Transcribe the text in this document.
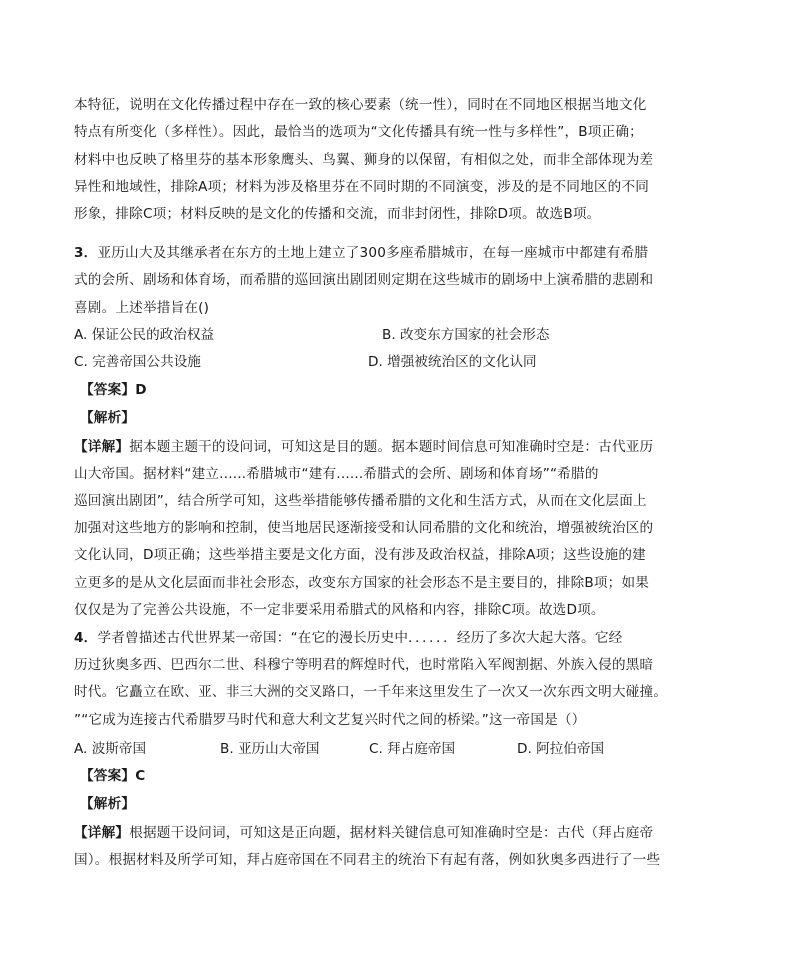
本特征，说明在文化传播过程中存在一致的核心要素（统一性），同时在不同地区根据当地文化
特点有所变化（多样性）。因此，最恰当的选项为“文化传播具有统一性与多样性”，B项正确；
材料中也反映了格里芬的基本形象鹰头、鸟翼、狮身的以保留，有相似之处，而非全部体现为差
异性和地域性，排除A项；材料为涉及格里芬在不同时期的不同演变，涉及的是不同地区的不同
形象，排除C项；材料反映的是文化的传播和交流，而非封闭性，排除D项。故选B项。
3．亚历山大及其继承者在东方的土地上建立了300多座希腊城市，在每一座城市中都建有希腊
式的会所、剧场和体育场，而希腊的巡回演出剧团则定期在这些城市的剧场中上演希腊的悲剧和
喜剧。上述举措旨在()
A. 保证公民的政治权益	B. 改变东方国家的社会形态
C. 完善帝国公共设施	D. 增强被统治区的文化认同
【答案】D
【解析】
【详解】据本题主题干的设问词，可知这是目的题。据本题时间信息可知准确时空是：古代亚历
山大帝国。据材料“建立......希腊城市“建有......希腊式的会所、剧场和体育场”“希腊的
巡回演出剧团”，结合所学可知，这些举措能够传播希腊的文化和生活方式，从而在文化层面上
加强对这些地方的影响和控制，使当地居民逐渐接受和认同希腊的文化和统治，增强被统治区的
文化认同，D项正确；这些举措主要是文化方面，没有涉及政治权益，排除A项；这些设施的建
立更多的是从文化层面而非社会形态，改变东方国家的社会形态不是主要目的，排除B项；如果
仅仅是为了完善公共设施，不一定非要采用希腊式的风格和内容，排除C项。故选D项。
4．学者曾描述古代世界某一帝国：“在它的漫长历史中．．．．．．经历了多次大起大落。它经
历过狄奥多西、巴西尔二世、科穆宁等明君的辉煌时代，也时常陷入军阀割据、外族入侵的黑暗
时代。它矗立在欧、亚、非三大洲的交叉路口，一千年来这里发生了一次又一次东西文明大碰撞。
”“它成为连接古代希腊罗马时代和意大利文艺复兴时代之间的桥梁。”这一帝国是（）
A. 波斯帝国	B. 亚历山大帝国	C. 拜占庭帝国	D. 阿拉伯帝国
【答案】C
【解析】
【详解】根据题干设问词，可知这是正向题，据材料关键信息可知准确时空是：古代（拜占庭帝
国）。根据材料及所学可知，拜占庭帝国在不同君主的统治下有起有落，例如狄奥多西进行了一些
